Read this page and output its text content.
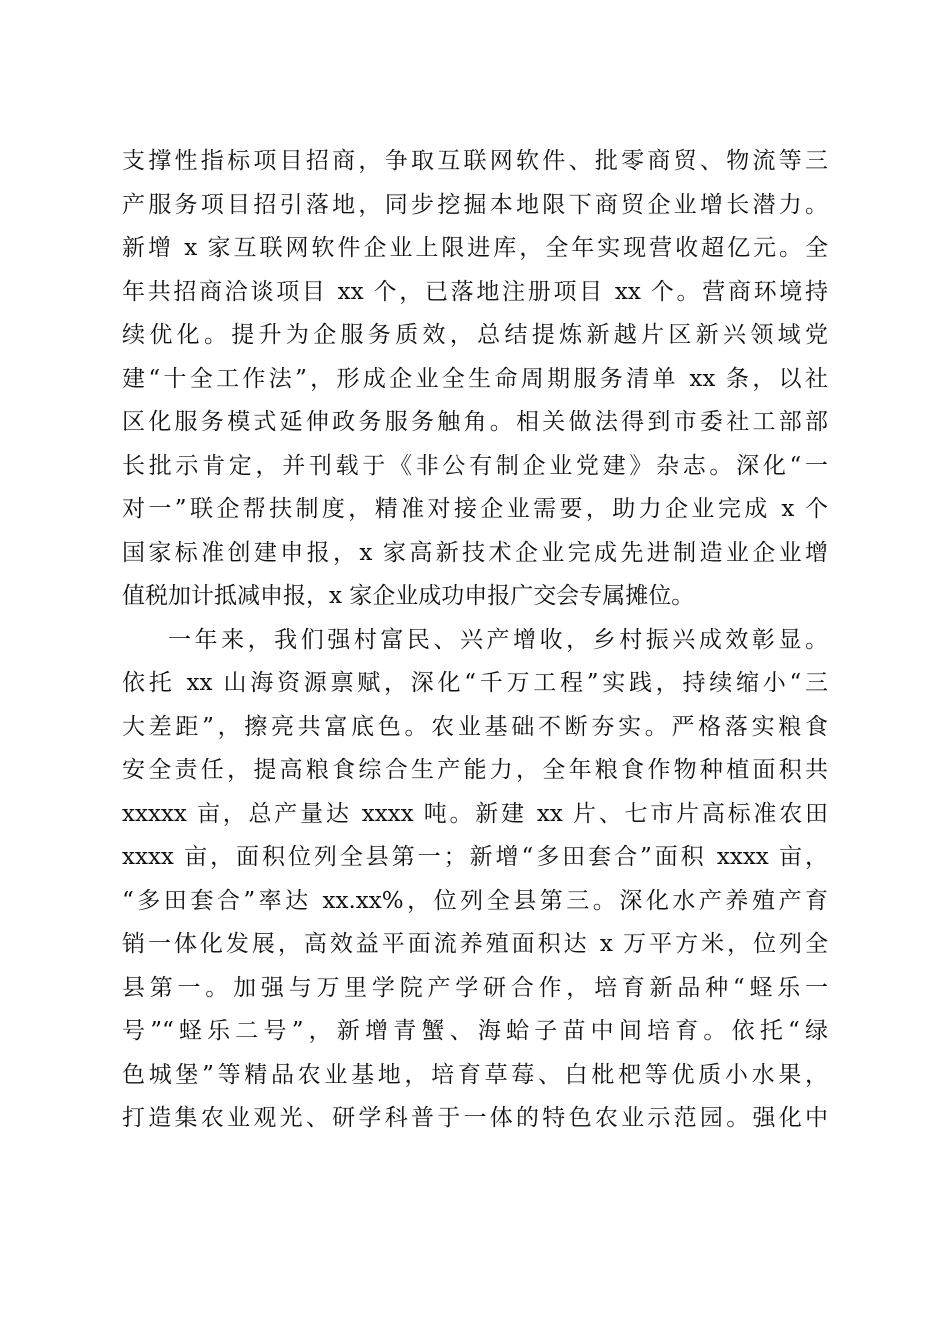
支撑性指标项目招商，争取互联网软件、批零商贸、物流等三
产服务项目招引落地，同步挖掘本地限下商贸企业增长潜力。
新增 x 家互联网软件企业上限进库，全年实现营收超亿元。全
年共招商洽谈项目 xx 个，已落地注册项目 xx 个。营商环境持
续优化。提升为企服务质效，总结提炼新越片区新兴领域党
建“十全工作法”，形成企业全生命周期服务清单 xx 条，以社
区化服务模式延伸政务服务触角。相关做法得到市委社工部部
长批示肯定，并刊载于《非公有制企业党建》杂志。深化“一
对一”联企帮扶制度，精准对接企业需要，助力企业完成 x 个
国家标准创建申报，x 家高新技术企业完成先进制造业企业增
值税加计抵减申报，x 家企业成功申报广交会专属摊位。
一年来，我们强村富民、兴产增收，乡村振兴成效彰显。
依托 xx 山海资源禀赋，深化“千万工程”实践，持续缩小“三
大差距”，擦亮共富底色。农业基础不断夯实。严格落实粮食
安全责任，提高粮食综合生产能力，全年粮食作物种植面积共
xxxxx 亩，总产量达 xxxx 吨。新建 xx 片、七市片高标准农田
xxxx 亩，面积位列全县第一；新增“多田套合”面积 xxxx 亩，
“多田套合”率达 xx.xx%，位列全县第三。深化水产养殖产育
销一体化发展，高效益平面流养殖面积达 x 万平方米，位列全
县第一。加强与万里学院产学研合作，培育新品种“蛏乐一
号”“蛏乐二号”，新增青蟹、海蛤子苗中间培育。依托“绿
色城堡”等精品农业基地，培育草莓、白枇杷等优质小水果，
打造集农业观光、研学科普于一体的特色农业示范园。强化中
